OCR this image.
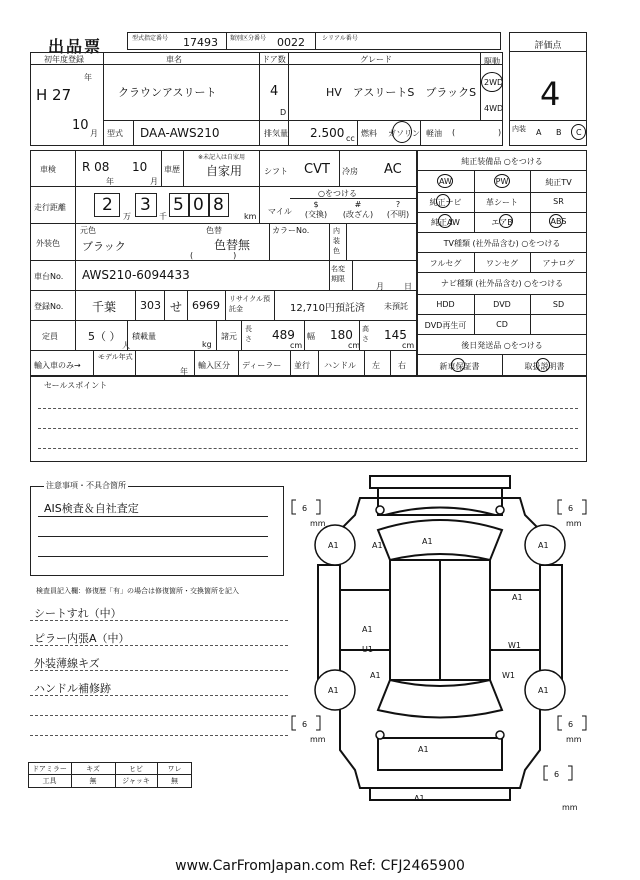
出品票	型式指定番号 17493 類別区分番号 0022	シリアル番号
評価点
4
初年度登録
H 27
年
10
月
車名
クラウンアスリート
ドア数
4
D
グレード
HV　アスリートS　ブラックS
駆動
2WD
4WD
型式 DAA-AWS210	排気量 2.500 cc
燃料 ガソリン 軽油 (	) 内装 A B C
車検 R 08
年
10
月
車歴
※未記入は自家用
自家用	シフト CVT 冷房 AC
走行距離 2
万
3
千
5 0 8
km
○をつける
マイル
$
(交換)
#
(改ざん)
?
(不明)
外装色
元色
ブラック
色替
色替無
(　　　　　)
カラーNo.	内装色
車台No. AWS210-6094433	名変期限
月	日
登録No. 千葉 303 せ 6969 リサイクル預託金	12,710円預託済 未預託
定員	5（ ）
人
積載量
kg
諸元
長さ 489
cm
幅 180
cm
高さ 145
cm
輸入車のみ→
モデル年式
年
輸入区分 ディーラー 並行 ハンドル 左 右
純正装備品 ○をつける
AW	PW	純正TV
純正ナビ	革シート	SR
純正AW	エアB	ABS
TV種類 (社外品含む) ○をつける
フルセグ	ワンセグ	アナログ
ナビ種類 (社外品含む) ○をつける
HDD	DVD	SD
DVD再生可	CD
後日発送品 ○をつける
新車保証書	取扱説明書
セールスポイント
注意事項・不具合箇所
AIS検査＆自社査定
検査員記入欄：修復歴「有」の場合は修復箇所・交換箇所を記入
シートすれ（中）
ピラー内張A（中）
外装薄線キズ
ハンドル補修跡
ドアミラー	キズ	ヒビ	ワレ
工具	無	ジャッキ	無
6
mm
6
mm
6
mm
6
mm
6
mm
A1	A1	A1	A1
A1
A1
U1	W1
W1
A1
A1
A1
A1
A1
www.CarFromJapan.com Ref: CFJ2465900
